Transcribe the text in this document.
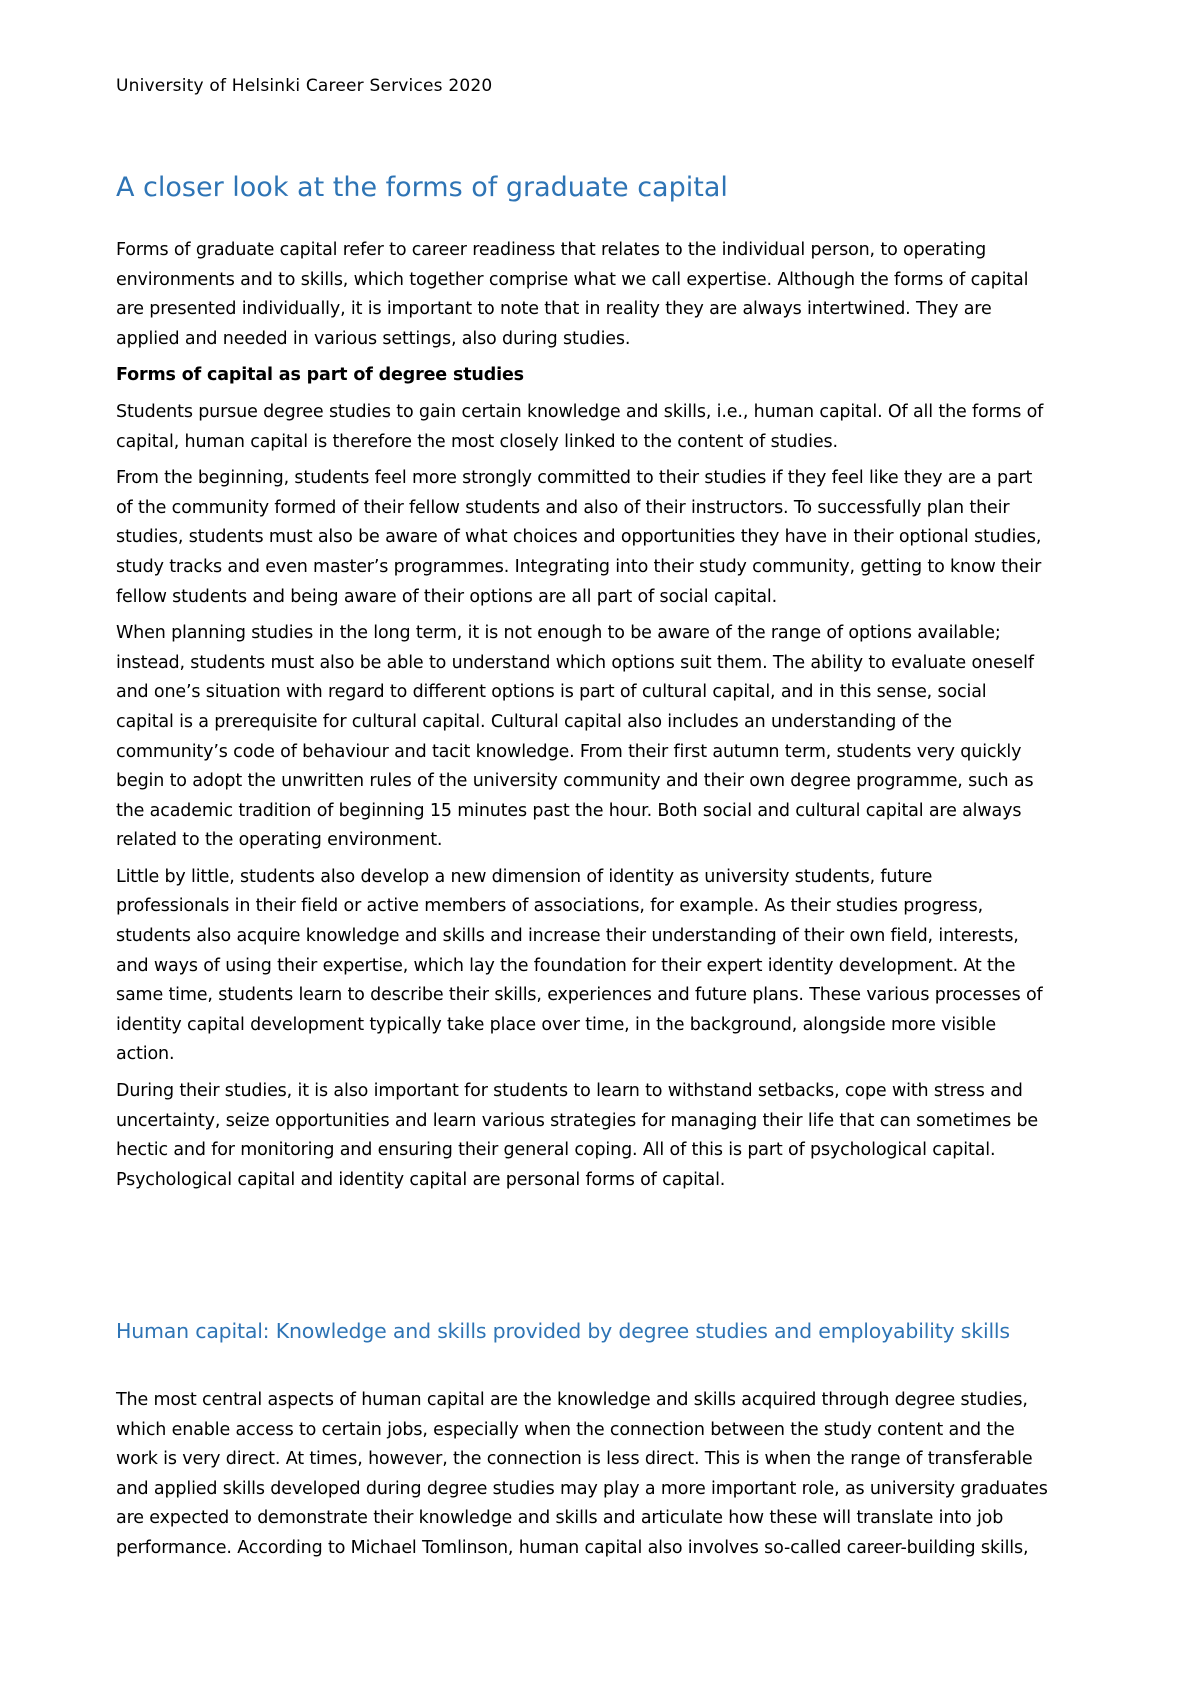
University of Helsinki Career Services 2020
A closer look at the forms of graduate capital

Forms of graduate capital refer to career readiness that relates to the individual person, to operating
environments and to skills, which together comprise what we call expertise. Although the forms of capital
are presented individually, it is important to note that in reality they are always intertwined. They are
applied and needed in various settings, also during studies.

Forms of capital as part of degree studies

Students pursue degree studies to gain certain knowledge and skills, i.e., human capital. Of all the forms of
capital, human capital is therefore the most closely linked to the content of studies.

From the beginning, students feel more strongly committed to their studies if they feel like they are a part
of the community formed of their fellow students and also of their instructors. To successfully plan their
studies, students must also be aware of what choices and opportunities they have in their optional studies,
study tracks and even master’s programmes. Integrating into their study community, getting to know their
fellow students and being aware of their options are all part of social capital.

When planning studies in the long term, it is not enough to be aware of the range of options available;
instead, students must also be able to understand which options suit them. The ability to evaluate oneself
and one’s situation with regard to different options is part of cultural capital, and in this sense, social
capital is a prerequisite for cultural capital. Cultural capital also includes an understanding of the
community’s code of behaviour and tacit knowledge. From their first autumn term, students very quickly
begin to adopt the unwritten rules of the university community and their own degree programme, such as
the academic tradition of beginning 15 minutes past the hour. Both social and cultural capital are always
related to the operating environment.

Little by little, students also develop a new dimension of identity as university students, future
professionals in their field or active members of associations, for example. As their studies progress,
students also acquire knowledge and skills and increase their understanding of their own field, interests,
and ways of using their expertise, which lay the foundation for their expert identity development. At the
same time, students learn to describe their skills, experiences and future plans. These various processes of
identity capital development typically take place over time, in the background, alongside more visible
action.

During their studies, it is also important for students to learn to withstand setbacks, cope with stress and
uncertainty, seize opportunities and learn various strategies for managing their life that can sometimes be
hectic and for monitoring and ensuring their general coping. All of this is part of psychological capital.
Psychological capital and identity capital are personal forms of capital.

Human capital: Knowledge and skills provided by degree studies and employability skills

The most central aspects of human capital are the knowledge and skills acquired through degree studies,
which enable access to certain jobs, especially when the connection between the study content and the
work is very direct. At times, however, the connection is less direct. This is when the range of transferable
and applied skills developed during degree studies may play a more important role, as university graduates
are expected to demonstrate their knowledge and skills and articulate how these will translate into job
performance. According to Michael Tomlinson, human capital also involves so-called career-building skills,
